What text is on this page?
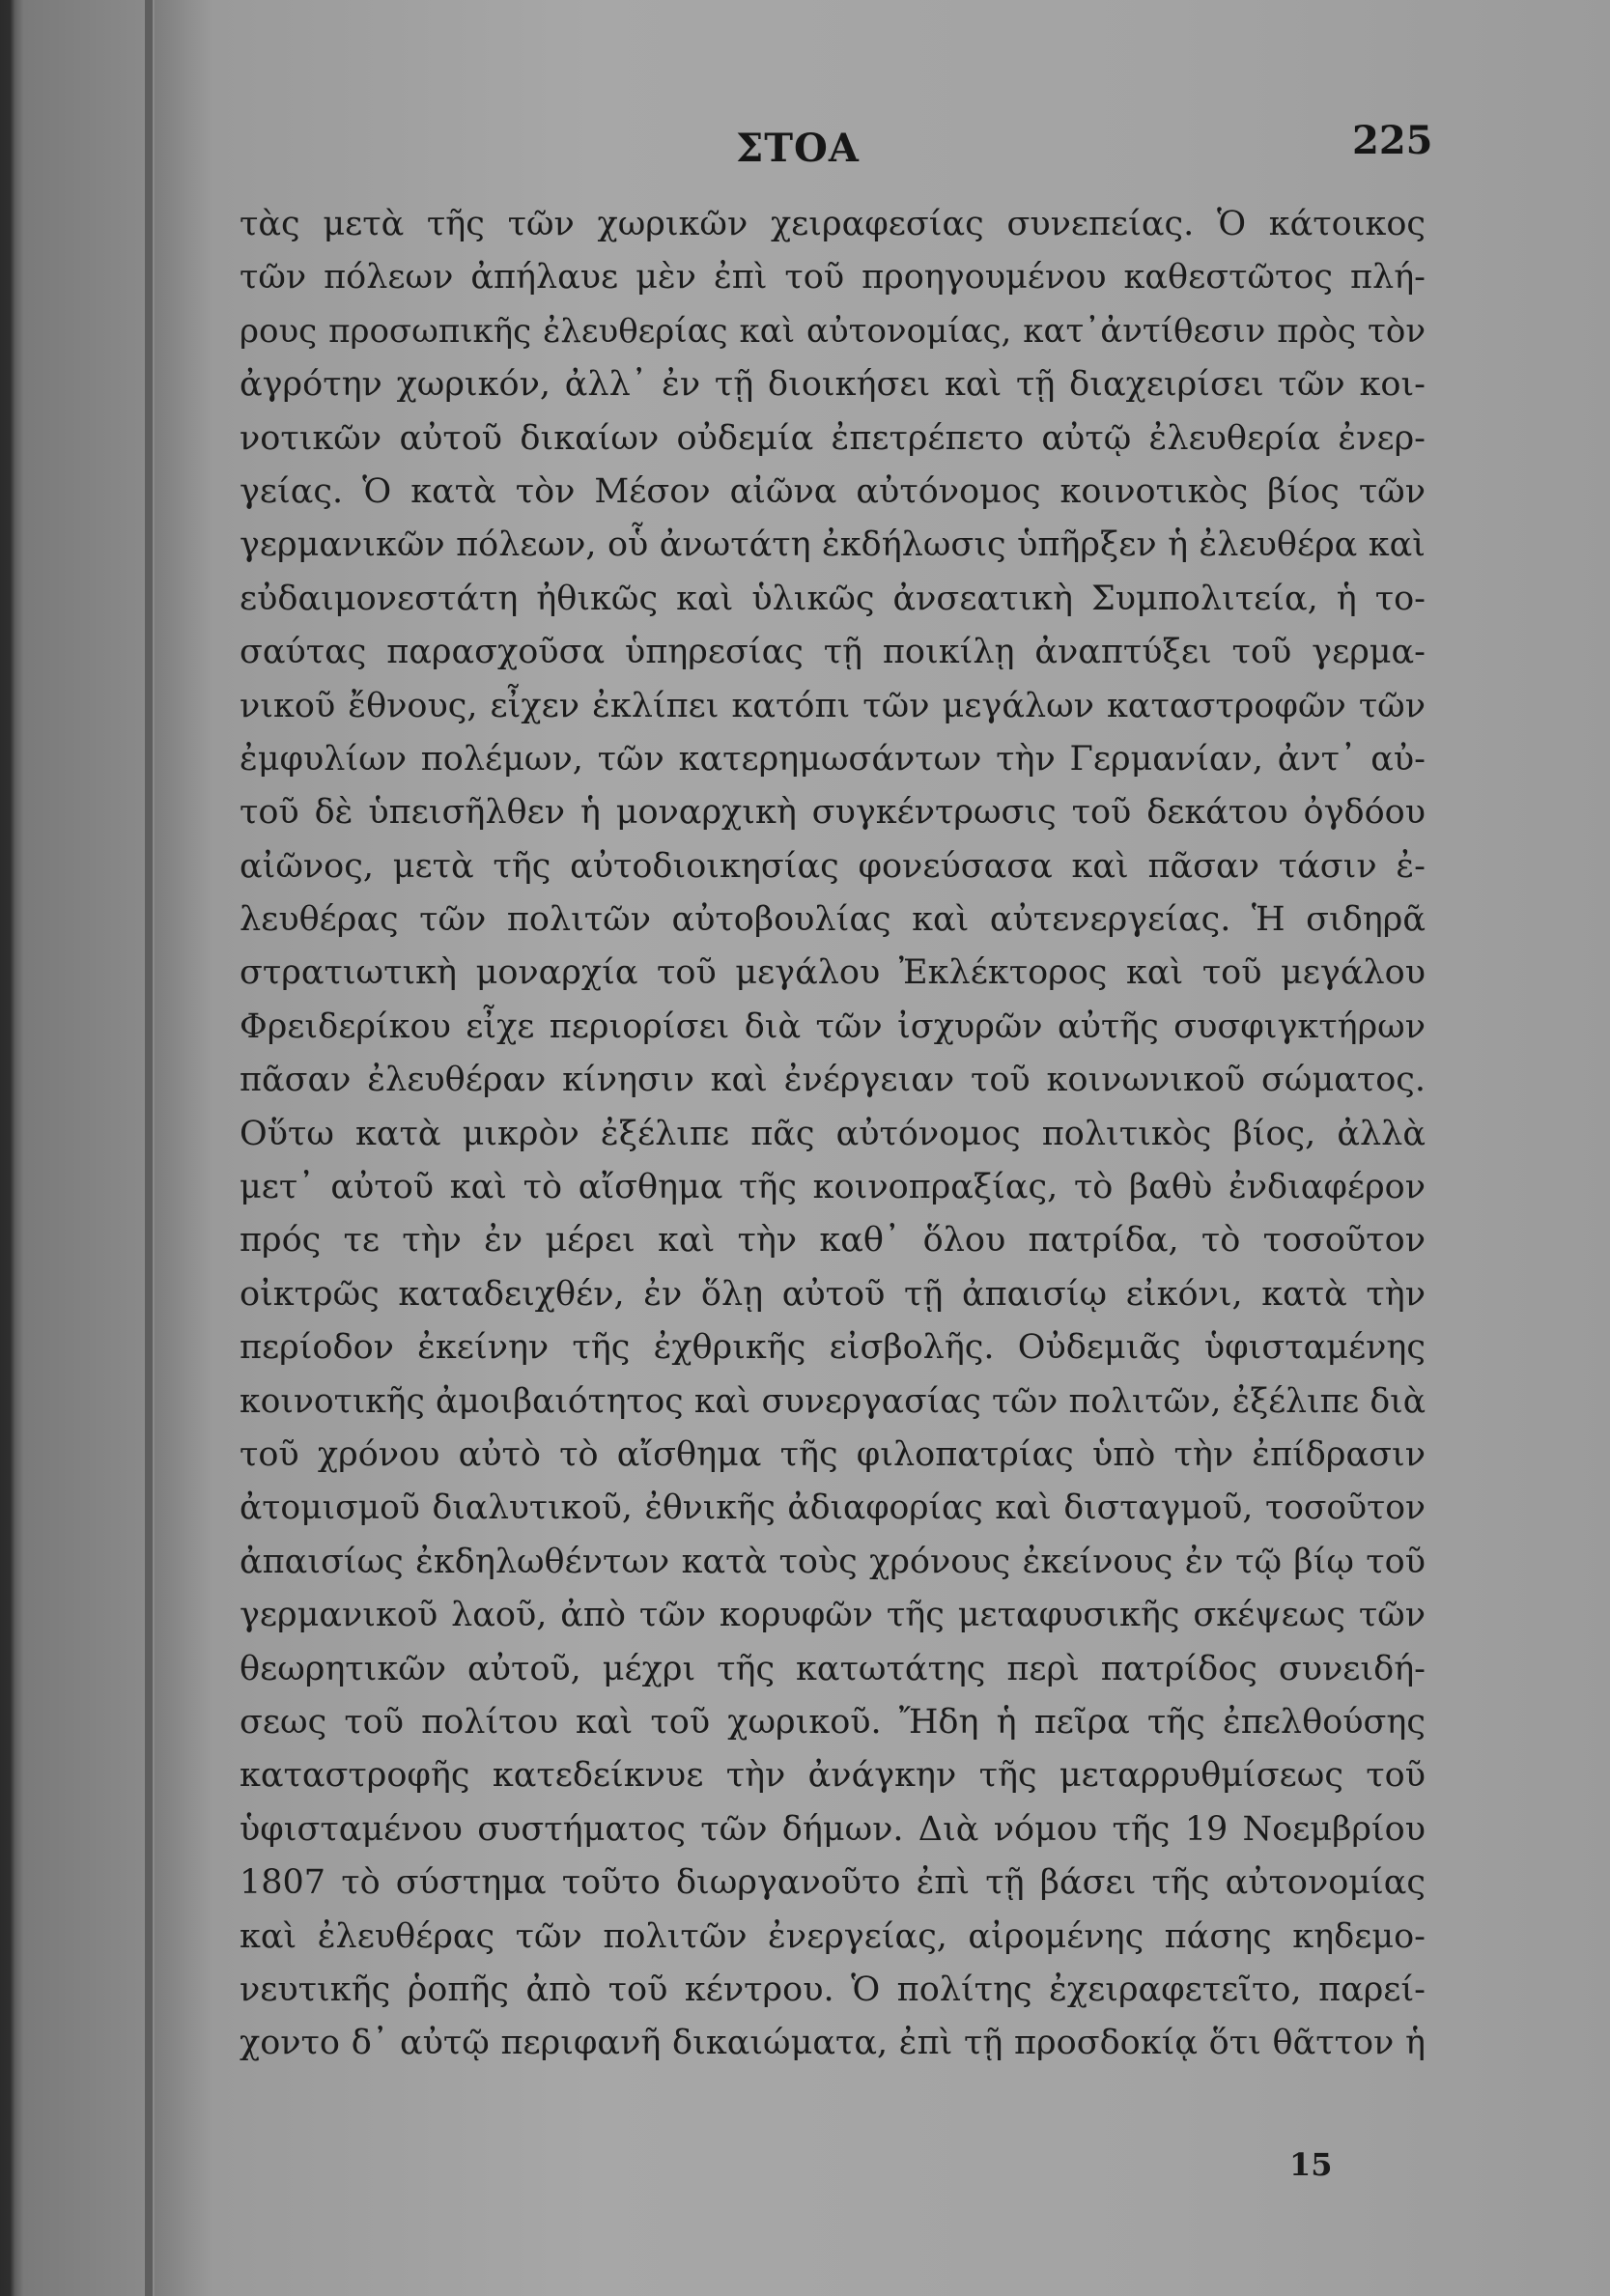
ΣΤΟΑ	225
τὰς μετὰ τῆς τῶν χωρικῶν χειραφεσίας συνεπείας. Ὁ κάτοικος
τῶν πόλεων ἀπήλαυε μὲν ἐπὶ τοῦ προηγουμένου καθεστῶτος πλή-
ρους προσωπικῆς ἐλευθερίας καὶ αὐτονομίας, κατ᾽ἀντίθεσιν πρὸς τὸν
ἀγρότην χωρικόν, ἀλλ᾽ ἐν τῇ διοικήσει καὶ τῇ διαχειρίσει τῶν κοι-
νοτικῶν αὐτοῦ δικαίων οὐδεμία ἐπετρέπετο αὐτῷ ἐλευθερία ἐνερ-
γείας. Ὁ κατὰ τὸν Μέσον αἰῶνα αὐτόνομος κοινοτικὸς βίος τῶν
γερμανικῶν πόλεων, οὗ ἀνωτάτη ἐκδήλωσις ὑπῆρξεν ἡ ἐλευθέρα καὶ
εὐδαιμονεστάτη ἠθικῶς καὶ ὑλικῶς ἀνσεατικὴ Συμπολιτεία, ἡ το-
σαύτας παρασχοῦσα ὑπηρεσίας τῇ ποικίλῃ ἀναπτύξει τοῦ γερμα-
νικοῦ ἔθνους, εἶχεν ἐκλίπει κατόπι τῶν μεγάλων καταστροφῶν τῶν
ἐμφυλίων πολέμων, τῶν κατερημωσάντων τὴν Γερμανίαν, ἀντ᾽ αὐ-
τοῦ δὲ ὑπεισῆλθεν ἡ μοναρχικὴ συγκέντρωσις τοῦ δεκάτου ὀγδόου
αἰῶνος, μετὰ τῆς αὐτοδιοικησίας φονεύσασα καὶ πᾶσαν τάσιν ἐ-
λευθέρας τῶν πολιτῶν αὐτοβουλίας καὶ αὐτενεργείας. Ἡ σιδηρᾶ
στρατιωτικὴ μοναρχία τοῦ μεγάλου Ἐκλέκτορος καὶ τοῦ μεγάλου
Φρειδερίκου εἶχε περιορίσει διὰ τῶν ἰσχυρῶν αὐτῆς συσφιγκτήρων
πᾶσαν ἐλευθέραν κίνησιν καὶ ἐνέργειαν τοῦ κοινωνικοῦ σώματος.
Οὕτω κατὰ μικρὸν ἐξέλιπε πᾶς αὐτόνομος πολιτικὸς βίος, ἀλλὰ
μετ᾽ αὐτοῦ καὶ τὸ αἴσθημα τῆς κοινοπραξίας, τὸ βαθὺ ἐνδιαφέρον
πρός τε τὴν ἐν μέρει καὶ τὴν καθ᾽ ὅλου πατρίδα, τὸ τοσοῦτον
οἰκτρῶς καταδειχθέν, ἐν ὅλῃ αὐτοῦ τῇ ἀπαισίῳ εἰκόνι, κατὰ τὴν
περίοδον ἐκείνην τῆς ἐχθρικῆς εἰσβολῆς. Οὐδεμιᾶς ὑφισταμένης
κοινοτικῆς ἀμοιβαιότητος καὶ συνεργασίας τῶν πολιτῶν, ἐξέλιπε διὰ
τοῦ χρόνου αὐτὸ τὸ αἴσθημα τῆς φιλοπατρίας ὑπὸ τὴν ἐπίδρασιν
ἀτομισμοῦ διαλυτικοῦ, ἐθνικῆς ἀδιαφορίας καὶ δισταγμοῦ, τοσοῦτον
ἀπαισίως ἐκδηλωθέντων κατὰ τοὺς χρόνους ἐκείνους ἐν τῷ βίῳ τοῦ
γερμανικοῦ λαοῦ, ἀπὸ τῶν κορυφῶν τῆς μεταφυσικῆς σκέψεως τῶν
θεωρητικῶν αὐτοῦ, μέχρι τῆς κατωτάτης περὶ πατρίδος συνειδή-
σεως τοῦ πολίτου καὶ τοῦ χωρικοῦ. Ἤδη ἡ πεῖρα τῆς ἐπελθούσης
καταστροφῆς κατεδείκνυε τὴν ἀνάγκην τῆς μεταρρυθμίσεως τοῦ
ὑφισταμένου συστήματος τῶν δήμων. Διὰ νόμου τῆς 19 Νοεμβρίου
1807 τὸ σύστημα τοῦτο διωργανοῦτο ἐπὶ τῇ βάσει τῆς αὐτονομίας
καὶ ἐλευθέρας τῶν πολιτῶν ἐνεργείας, αἰρομένης πάσης κηδεμο-
νευτικῆς ῥοπῆς ἀπὸ τοῦ κέντρου. Ὁ πολίτης ἐχειραφετεῖτο, παρεί-
χοντο δ᾽ αὐτῷ περιφανῆ δικαιώματα, ἐπὶ τῇ προσδοκίᾳ ὅτι θᾶττον ἡ
15
